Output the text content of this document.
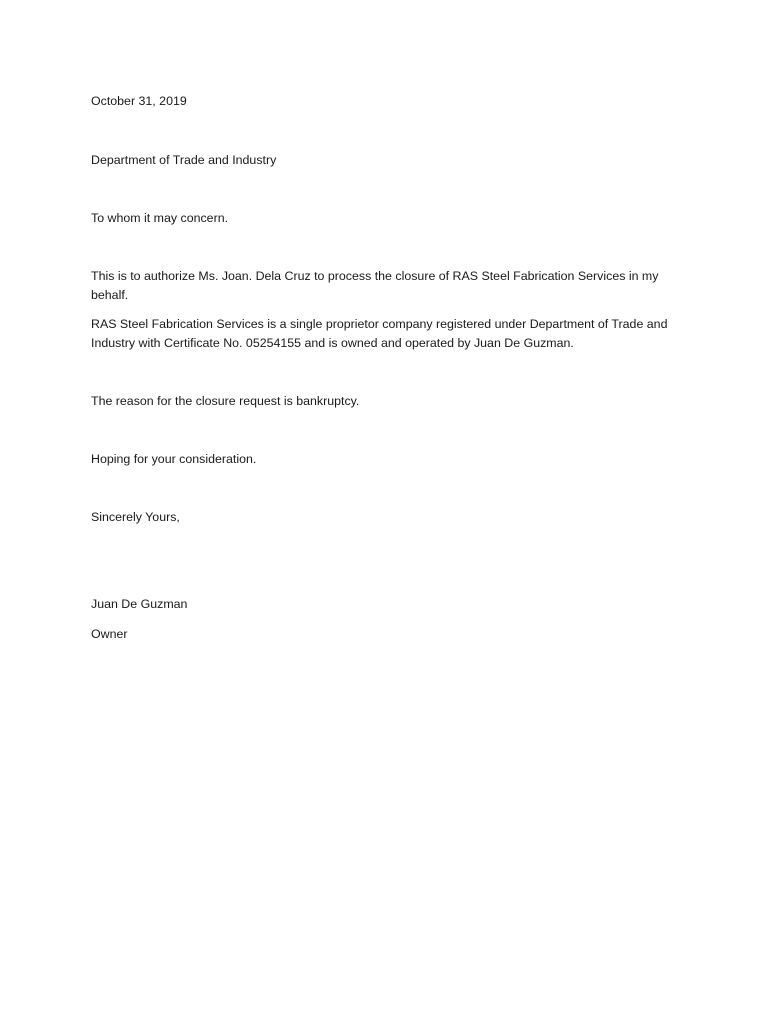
October 31, 2019
Department of Trade and Industry
To whom it may concern.
This is to authorize Ms. Joan. Dela Cruz to process the closure of RAS Steel Fabrication Services in my behalf.
RAS Steel Fabrication Services is a single proprietor company registered under Department of Trade and Industry with Certificate No. 05254155 and is owned and operated by Juan De Guzman.
The reason for the closure request is bankruptcy.
Hoping for your consideration.
Sincerely Yours,
Juan De Guzman
Owner
